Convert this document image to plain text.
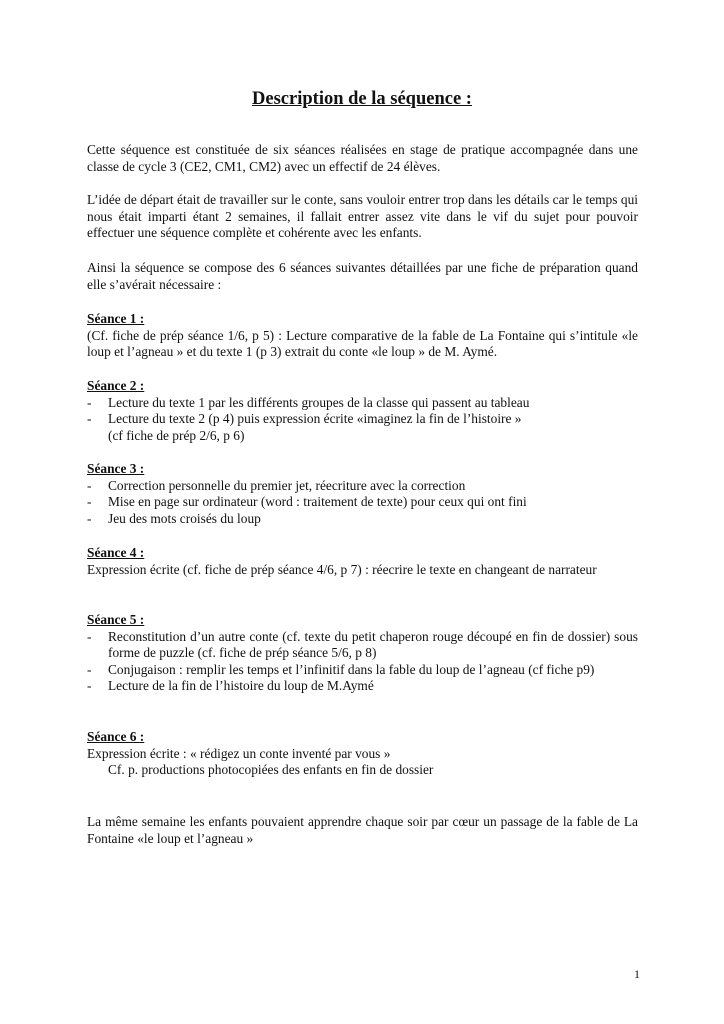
Description de la séquence :
Cette séquence est constituée de six séances réalisées en stage de pratique accompagnée dans une classe de cycle 3 (CE2, CM1, CM2) avec un effectif de 24 élèves.
L’idée de départ était de travailler sur le conte, sans vouloir entrer trop dans les détails car le temps qui nous était imparti étant 2 semaines, il fallait entrer assez vite dans le vif du sujet pour pouvoir effectuer une séquence complète et cohérente avec les enfants.
Ainsi la séquence se compose des 6 séances suivantes détaillées par une fiche de préparation quand elle s’avérait nécessaire :
Séance 1 :
(Cf. fiche de prép séance 1/6, p 5) : Lecture comparative de la fable de La Fontaine qui s’intitule «le loup et l’agneau » et du texte 1 (p 3) extrait du conte «le loup » de M. Aymé.
Séance 2 :
- Lecture du texte 1 par les différents groupes de la classe qui passent au tableau
- Lecture du texte 2 (p 4) puis expression écrite «imaginez la fin de l’histoire »
(cf fiche de prép 2/6, p 6)
Séance 3 :
- Correction personnelle du premier jet, réecriture avec la correction
- Mise en page sur ordinateur (word : traitement de texte) pour ceux qui ont fini
- Jeu des mots croisés du loup
Séance 4 :
Expression écrite (cf. fiche de prép séance 4/6, p 7) : réecrire le texte en changeant de narrateur
Séance 5 :
- Reconstitution d’un autre conte (cf. texte du petit chaperon rouge découpé en fin de dossier) sous forme de puzzle (cf. fiche de prép séance 5/6, p 8)
- Conjugaison : remplir les temps et l’infinitif dans la fable du loup de l’agneau (cf fiche p9)
- Lecture de la fin de l’histoire du loup de M.Aymé
Séance 6 :
Expression écrite : « rédigez un conte inventé par vous »
Cf. p. productions photocopiées des enfants en fin de dossier
La même semaine les enfants pouvaient apprendre chaque soir par cœur un passage de la fable de La Fontaine «le loup et l’agneau »
1
